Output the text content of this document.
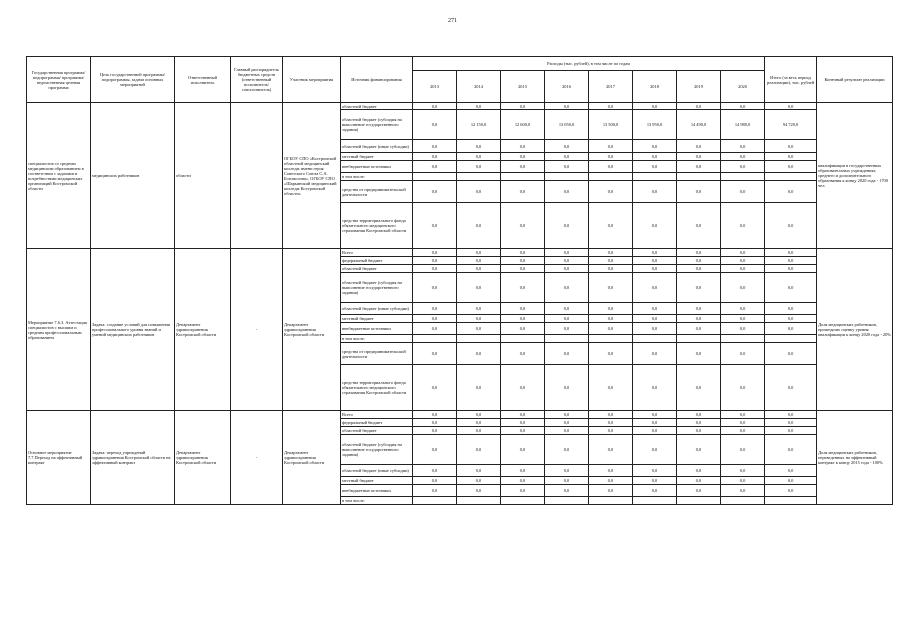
271
Государственная программа/подпрограмма/ программы/ ведомственная целевая программа	Цель государственной программы/подпрограммы, задачи основных мероприятий	Ответственный исполнитель	Главный распорядитель бюджетных средств (ответственный исполнитель/ соисполнитель)	Участник мероприятия	Источник финансирования	Расходы (тыс. рублей), в том числе по годам								Итого (за весь период реализации), тыс. рублей	Конечный результат реализации
						2013	2014	2015	2016	2017	2018	2019	2020		
специалистов со средним медицинским образованием в соответствии с задачами и потребностями медицинских организаций Костромской области	медицинских работников	области		ОГБОУ СПО «Костромской областной медицинский колледж имени героя Советского Союза С.А. Богомолова», ОГБОУ СПО «Шарьинский медицинский колледж Костромской области»	областной бюджет	0,0	0,0	0,0	0,0	0,0	0,0	0,0	0,0	0,0	квалификации в государственных образовательных учреждениях среднего и дополнительного образования к концу 2020 года - 1700 чел.
					областной бюджет (субсидия на выполнение государственного задания)	0,0	12 150,0	12 600,0	13 050,0	13 500,0	13 950,0	14 490,0	14 980,0	94 720,0	
					областной бюджет (иные субсидии)	0,0	0,0	0,0	0,0	0,0	0,0	0,0	0,0	0,0	
					местный бюджет	0,0	0,0	0,0	0,0	0,0	0,0	0,0	0,0	0,0	
					внебюджетные источники	0,0	0,0	0,0	0,0	0,0	0,0	0,0	0,0	0,0	
					в том числе:										
					средства от предпринимательской деятельности	0,0	0,0	0,0	0,0	0,0	0,0	0,0	0,0	0,0	
					средства территориального фонда обязательного медицинского страхования Костромской области	0,0	0,0	0,0	0,0	0,0	0,0	0,0	0,0	0,0	
Мероприятие 7.6.3. Аттестация специалистов с высшим и средним профессиональным образованием	Задача: создание условий для повышения профессионального уровня знаний и умений медицинских работников	Департамент здравоохранения Костромской области	-	Департамент здравоохранения Костромской области	Всего	0,0	0,0	0,0	0,0	0,0	0,0	0,0	0,0	0,0	Доля медицинских работников, прошедших оценку уровня квалификации к концу 2020 года - 20%
					федеральный бюджет	0,0	0,0	0,0	0,0	0,0	0,0	0,0	0,0	0,0	
					областной бюджет	0,0	0,0	0,0	0,0	0,0	0,0	0,0	0,0	0,0	
					областной бюджет (субсидия на выполнение государственного задания)	0,0	0,0	0,0	0,0	0,0	0,0	0,0	0,0	0,0	
					областной бюджет (иные субсидии)	0,0	0,0	0,0	0,0	0,0	0,0	0,0	0,0	0,0	
					местный бюджет	0,0	0,0	0,0	0,0	0,0	0,0	0,0	0,0	0,0	
					внебюджетные источники	0,0	0,0	0,0	0,0	0,0	0,0	0,0	0,0	0,0	
					в том числе:										
					средства от предпринимательской деятельности	0,0	0,0	0,0	0,0	0,0	0,0	0,0	0,0	0,0	
					средства территориального фонда обязательного медицинского страхования Костромской области	0,0	0,0	0,0	0,0	0,0	0,0	0,0	0,0	0,0	
Основное мероприятие 7.7.Переход на эффективный контракт	Задача: переход учреждений здравоохранения Костромской области на эффективный контракт	Департамент здравоохранения Костромской области	-	Департамент здравоохранения Костромской области	Всего	0,0	0,0	0,0	0,0	0,0	0,0	0,0	0,0	0,0	Доля медицинских работников, переведенных на эффективный контракт к концу 2015 года - 100%
					федеральный бюджет	0,0	0,0	0,0	0,0	0,0	0,0	0,0	0,0	0,0	
					областной бюджет	0,0	0,0	0,0	0,0	0,0	0,0	0,0	0,0	0,0	
					областной бюджет (субсидия на выполнение государственного задания)	0,0	0,0	0,0	0,0	0,0	0,0	0,0	0,0	0,0	
					областной бюджет (иные субсидии)	0,0	0,0	0,0	0,0	0,0	0,0	0,0	0,0	0,0	
					местный бюджет	0,0	0,0	0,0	0,0	0,0	0,0	0,0	0,0	0,0	
					внебюджетные источники	0,0	0,0	0,0	0,0	0,0	0,0	0,0	0,0	0,0	
					в том числе:										
